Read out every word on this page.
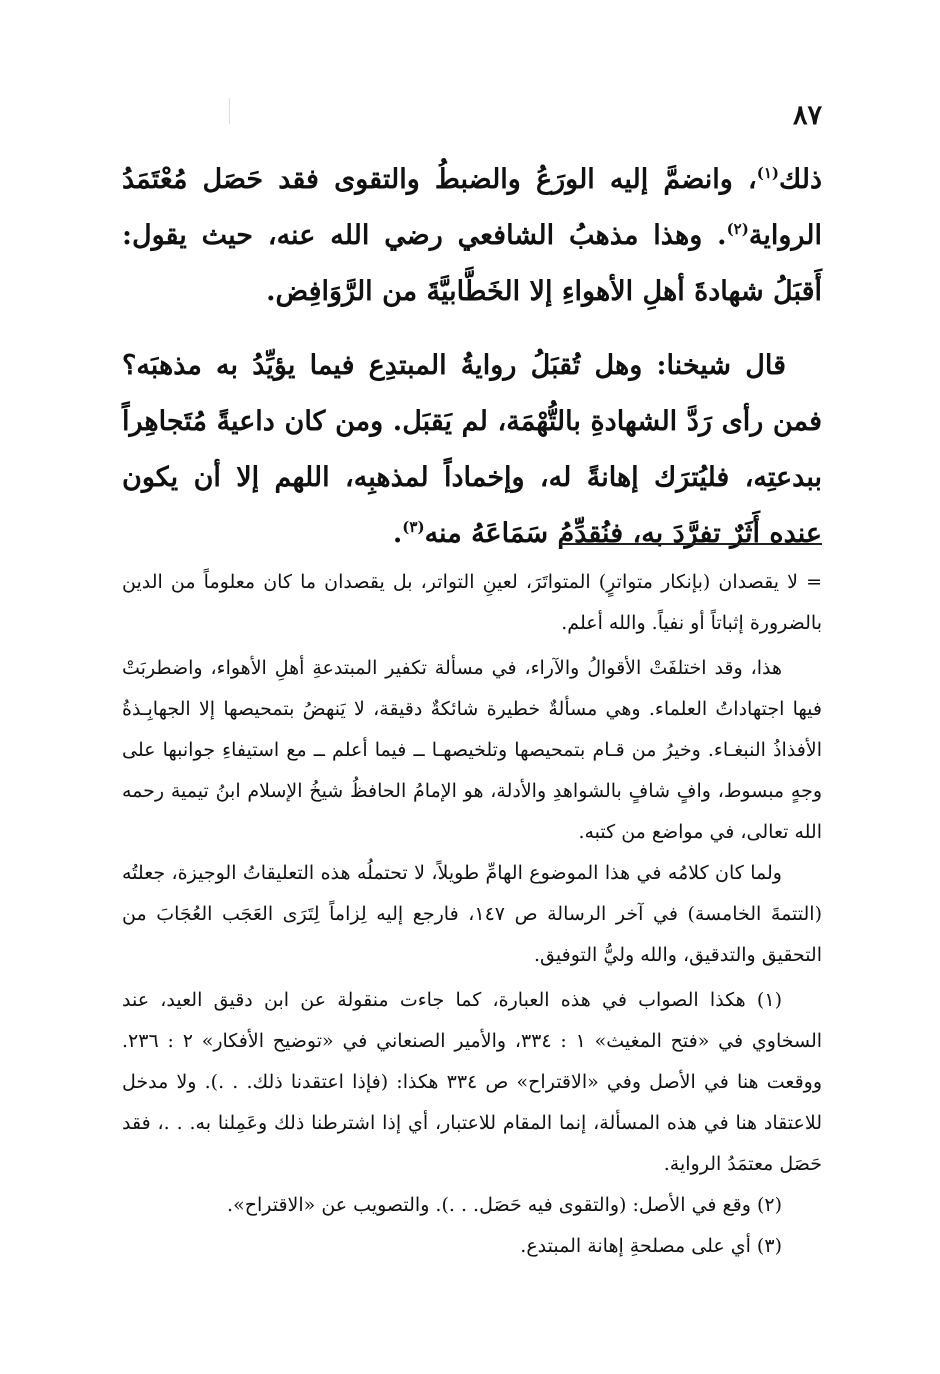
٨٧

ذلك$^{(١)}$، وانضمَّ إليه الورَعُ والضبطُ والتقوى فقد حَصَل مُعْتَمَدُ الرواية$^{(٢)}$. وهذا مذهبُ الشافعي رضي الله عنه، حيث يقول: أَقبَلُ شهادةَ أهلِ الأهواءِ إلا الخَطَّابيَّةَ من الرَّوَافِض.

قال شيخنا: وهل تُقبَلُ روايةُ المبتدِع فيما يؤيِّدُ به مذهبَه؟ فمن رأى رَدَّ الشهادةِ بالتُّهْمَة، لم يَقبَل. ومن كان داعيةً مُتَجاهِراً ببدعتِه، فليُترَك إهانةً له، وإخماداً لمذهبِه، اللهم إلا أن يكون عنده أَثَرٌ تفرَّدَ به، فنُقدِّمُ سَمَاعَهُ منه$^{(٣)}$.

= لا يقصدان (بإنكار متواترٍ) المتواتَرَ، لعينِ التواتر، بل يقصدان ما كان معلوماً من الدين بالضرورة إثباتاً أو نفياً. والله أعلم.

هذا، وقد اختلفَتْ الأقوالُ والآراء، في مسألة تكفير المبتدعةِ أهلِ الأهواء، واضطربَتْ فيها اجتهاداتُ العلماء. وهي مسألةٌ خطيرة شائكةٌ دقيقة، لا يَنهضُ بتمحيصها إلا الجهابِـذةُ الأفذاذُ النبغـاء. وخيرُ من قـام بتمحيصها وتلخيصهـا ــ فيما أعلم ــ مع استيفاءِ جوانبها على وجهٍ مبسوط، وافٍ شافٍ بالشواهدِ والأدلة، هو الإمامُ الحافظُ شيخُ الإسلام ابنُ تيمية رحمه الله تعالى، في مواضع من كتبه.

ولما كان كلامُه في هذا الموضوع الهامِّ طويلاً، لا تحتملُه هذه التعليقاتُ الوجيزة، جعلتُه (التتمةَ الخامسة) في آخر الرسالة ص ١٤٧، فارجع إليه لِزاماً لِتَرَى العَجَب العُجَابَ من التحقيق والتدقيق، والله وليُّ التوفيق.

(١) هكذا الصواب في هذه العبارة، كما جاءت منقولة عن ابن دقيق العيد، عند السخاوي في «فتح المغيث» ١ : ٣٣٤، والأمير الصنعاني في «توضيح الأفكار» ٢ : ٢٣٦. ووقعت هنا في الأصل وفي «الاقتراح» ص ٣٣٤ هكذا: (فإذا اعتقدنا ذلك. . .). ولا مدخل للاعتقاد هنا في هذه المسألة، إنما المقام للاعتبار، أي إذا اشترطنا ذلك وعَمِلنا به. . .، فقد حَصَل معتمَدُ الرواية.

(٢) وقع في الأصل: (والتقوى فيه حَصَل. . .). والتصويب عن «الاقتراح».

(٣) أي على مصلحةِ إهانة المبتدع.
